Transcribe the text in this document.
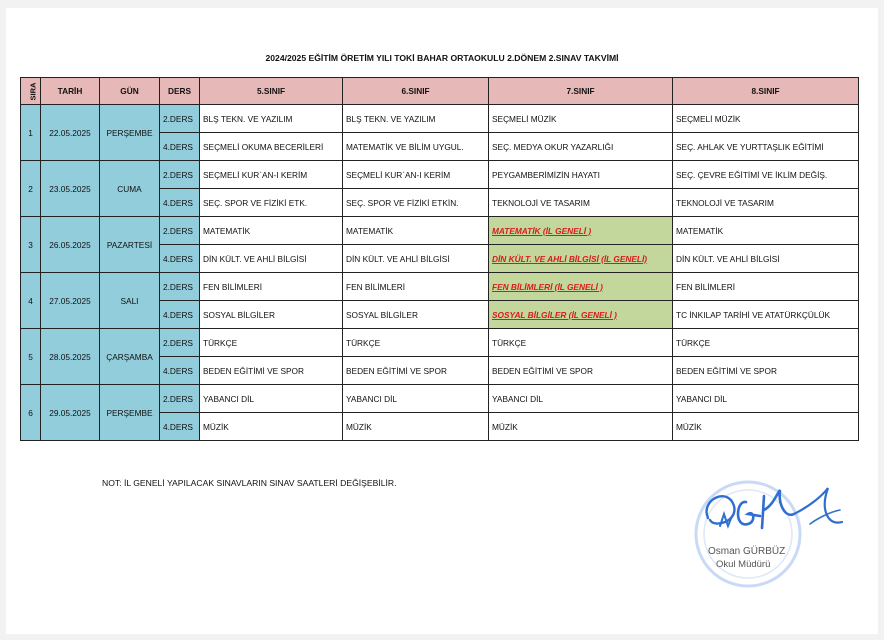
2024/2025 EĞİTİM ÖRETİM YILI TOKİ BAHAR ORTAOKULU 2.DÖNEM 2.SINAV TAKVİMİ
SIRA	TARİH	GÜN	DERS	5.SINIF	6.SINIF	7.SINIF	8.SINIF
1	22.05.2025	PERŞEMBE	2.DERS	BLŞ TEKN. VE YAZILIM	BLŞ TEKN. VE YAZILIM	SEÇMELİ MÜZİK	SEÇMELİ MÜZİK
			4.DERS	SEÇMELİ OKUMA BECERİLERİ	MATEMATİK VE BİLİM UYGUL.	SEÇ. MEDYA OKUR YAZARLIĞI	SEÇ. AHLAK VE YURTTAŞLIK EĞİTİMİ
2	23.05.2025	CUMA	2.DERS	SEÇMELİ KUR`AN-I KERİM	SEÇMELİ KUR`AN-I KERİM	PEYGAMBERİMİZİN HAYATI	SEÇ. ÇEVRE EĞİTİMİ VE İKLİM DEĞİŞ.
			4.DERS	SEÇ. SPOR VE FİZİKİ ETK.	SEÇ. SPOR VE FİZİKİ ETKİN.	TEKNOLOJİ VE TASARIM	TEKNOLOJİ VE TASARIM
3	26.05.2025	PAZARTESİ	2.DERS	MATEMATİK	MATEMATİK	MATEMATİK (İL GENELİ )	MATEMATİK
			4.DERS	DİN KÜLT. VE AHLİ BİLGİSİ	DİN KÜLT. VE AHLİ BİLGİSİ	DİN KÜLT. VE AHLİ BİLGİSİ (İL GENELİ)	DİN KÜLT. VE AHLİ BİLGİSİ
4	27.05.2025	SALI	2.DERS	FEN BİLİMLERİ	FEN BİLİMLERİ	FEN BİLİMLERİ (İL GENELİ )	FEN BİLİMLERİ
			4.DERS	SOSYAL BİLGİLER	SOSYAL BİLGİLER	SOSYAL BİLGİLER (İL GENELİ )	TC İNKILAP TARİHİ VE ATATÜRKÇÜLÜK
5	28.05.2025	ÇARŞAMBA	2.DERS	TÜRKÇE	TÜRKÇE	TÜRKÇE	TÜRKÇE
			4.DERS	BEDEN EĞİTİMİ VE SPOR	BEDEN EĞİTİMİ VE SPOR	BEDEN EĞİTİMİ VE SPOR	BEDEN EĞİTİMİ VE SPOR
6	29.05.2025	PERŞEMBE	2.DERS	YABANCI DİL	YABANCI DİL	YABANCI DİL	YABANCI DİL
			4.DERS	MÜZİK	MÜZİK	MÜZİK	MÜZİK
NOT: İL GENELİ YAPILACAK SINAVLARIN SINAV SAATLERİ DEĞİŞEBİLİR.
Osman GÜRBÜZ
Okul Müdürü
